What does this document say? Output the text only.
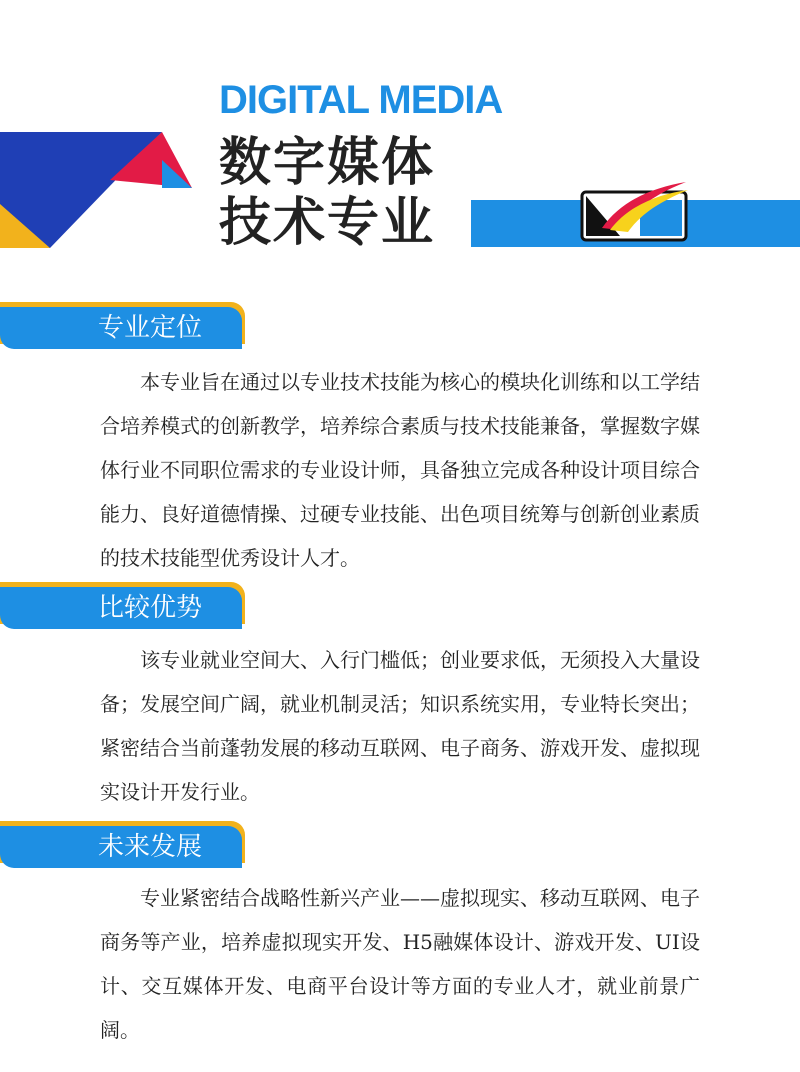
DIGITAL MEDIA
数字媒体
技术专业
专业定位
本专业旨在通过以专业技术技能为核心的模块化训练和以工学结合培养模式的创新教学，培养综合素质与技术技能兼备，掌握数字媒体行业不同职位需求的专业设计师，具备独立完成各种设计项目综合能力、良好道德情操、过硬专业技能、出色项目统筹与创新创业素质的技术技能型优秀设计人才。
比较优势
该专业就业空间大、入行门槛低；创业要求低，无须投入大量设备；发展空间广阔，就业机制灵活；知识系统实用，专业特长突出；紧密结合当前蓬勃发展的移动互联网、电子商务、游戏开发、虚拟现实设计开发行业。
未来发展
专业紧密结合战略性新兴产业——虚拟现实、移动互联网、电子商务等产业，培养虚拟现实开发、H5融媒体设计、游戏开发、UI设计、交互媒体开发、电商平台设计等方面的专业人才，就业前景广阔。
